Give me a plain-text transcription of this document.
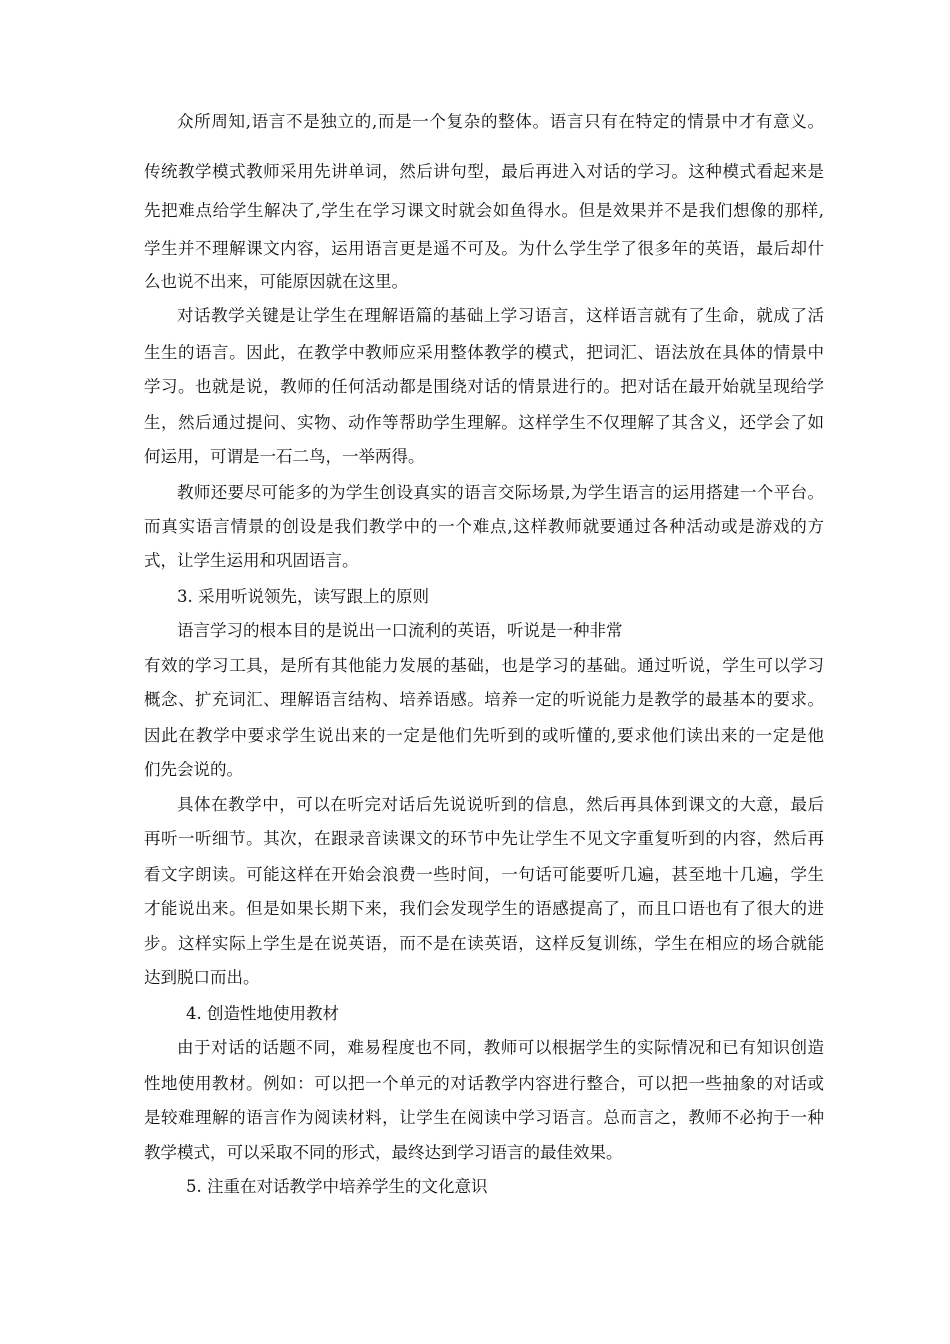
众所周知,语言不是独立的,而是一个复杂的整体。语言只有在特定的情景中才有意义。
传统教学模式教师采用先讲单词，然后讲句型，最后再进入对话的学习。这种模式看起来是
先把难点给学生解决了,学生在学习课文时就会如鱼得水。但是效果并不是我们想像的那样,
学生并不理解课文内容，运用语言更是遥不可及。为什么学生学了很多年的英语，最后却什
么也说不出来，可能原因就在这里。
对话教学关键是让学生在理解语篇的基础上学习语言，这样语言就有了生命，就成了活
生生的语言。因此，在教学中教师应采用整体教学的模式，把词汇、语法放在具体的情景中
学习。也就是说，教师的任何活动都是围绕对话的情景进行的。把对话在最开始就呈现给学
生，然后通过提问、实物、动作等帮助学生理解。这样学生不仅理解了其含义，还学会了如
何运用，可谓是一石二鸟，一举两得。
教师还要尽可能多的为学生创设真实的语言交际场景,为学生语言的运用搭建一个平台。
而真实语言情景的创设是我们教学中的一个难点,这样教师就要通过各种活动或是游戏的方
式，让学生运用和巩固语言。
3. 采用听说领先，读写跟上的原则
语言学习的根本目的是说出一口流利的英语，听说是一种非常
有效的学习工具，是所有其他能力发展的基础，也是学习的基础。通过听说，学生可以学习
概念、扩充词汇、理解语言结构、培养语感。培养一定的听说能力是教学的最基本的要求。
因此在教学中要求学生说出来的一定是他们先听到的或听懂的,要求他们读出来的一定是他
们先会说的。
具体在教学中，可以在听完对话后先说说听到的信息，然后再具体到课文的大意，最后
再听一听细节。其次，在跟录音读课文的环节中先让学生不见文字重复听到的内容，然后再
看文字朗读。可能这样在开始会浪费一些时间，一句话可能要听几遍，甚至地十几遍，学生
才能说出来。但是如果长期下来，我们会发现学生的语感提高了，而且口语也有了很大的进
步。这样实际上学生是在说英语，而不是在读英语，这样反复训练，学生在相应的场合就能
达到脱口而出。
4. 创造性地使用教材
由于对话的话题不同，难易程度也不同，教师可以根据学生的实际情况和已有知识创造
性地使用教材。例如：可以把一个单元的对话教学内容进行整合，可以把一些抽象的对话或
是较难理解的语言作为阅读材料，让学生在阅读中学习语言。总而言之，教师不必拘于一种
教学模式，可以采取不同的形式，最终达到学习语言的最佳效果。
5. 注重在对话教学中培养学生的文化意识
